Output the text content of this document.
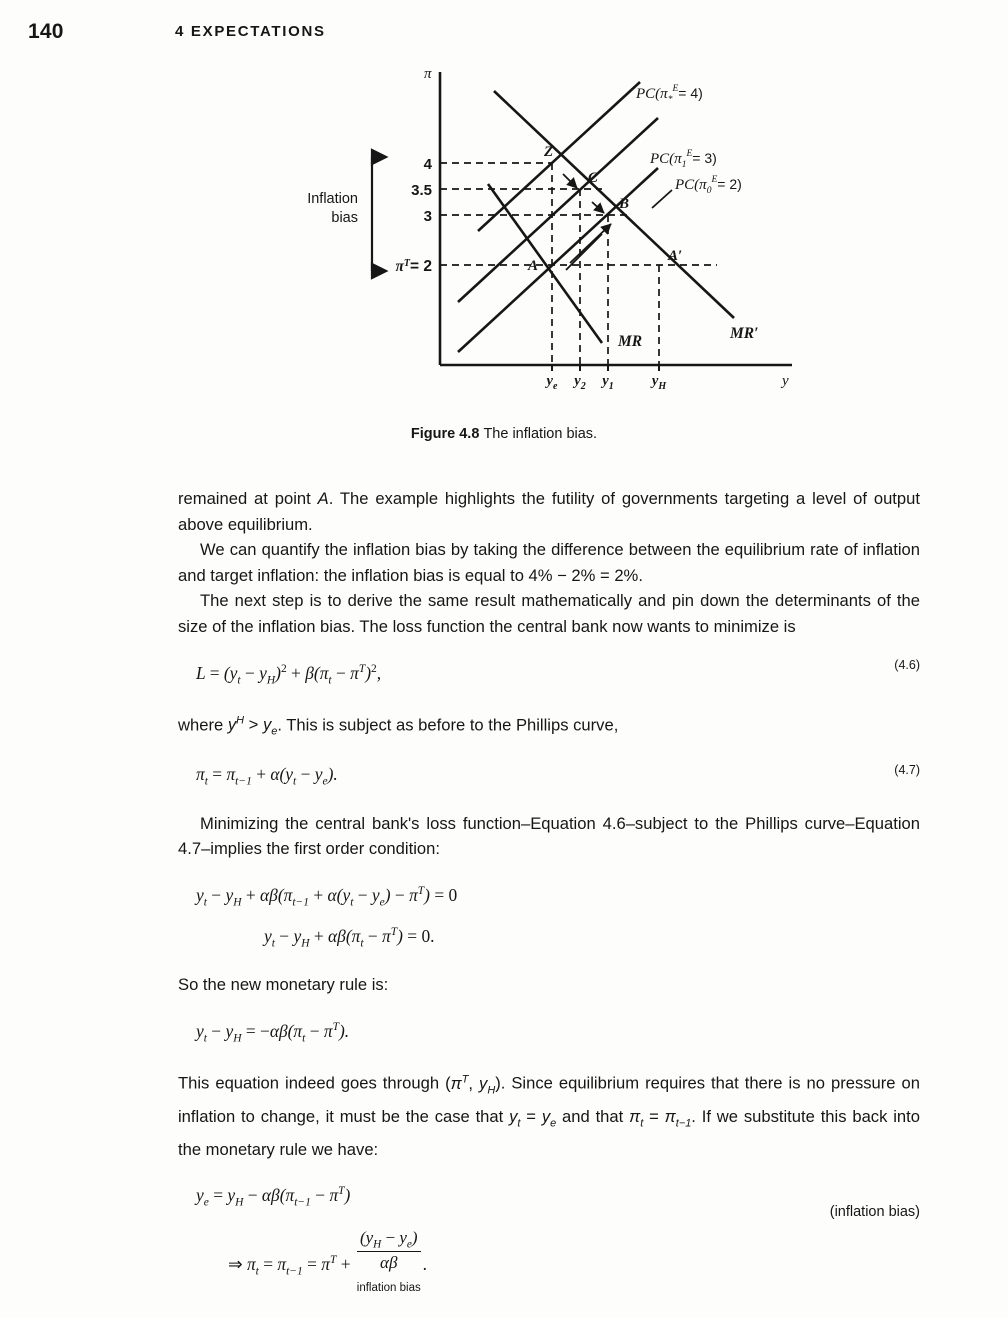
140	4 EXPECTATIONS
π
y
4
3.5
3
$\pi^T= 2$
Inflation
bias
$y_e$ $y_2$ $y_1$	$y_H$
Z
C
B
A
A′
MR	MR′
$PC(\pi_*^E= 4)$
$PC(\pi_1^E= 3)$
$PC(\pi_0^E= 2)$
Figure 4.8 The inflation bias.

remained at point A. The example highlights the futility of governments targeting a level of output above equilibrium.

We can quantify the inflation bias by taking the difference between the equilibrium rate of inflation and target inflation: the inflation bias is equal to 4% − 2% = 2%.

The next step is to derive the same result mathematically and pin down the determinants of the size of the inflation bias. The loss function the central bank now wants to minimize is

$L = (y_t - y_H)^2 + \beta(\pi_t - \pi^T)^2$,	(4.6)

where $y^H > y_e$. This is subject as before to the Phillips curve,

$\pi_t = \pi_{t-1} + \alpha(y_t - y_e)$.	(4.7)

Minimizing the central bank's loss function–Equation 4.6–subject to the Phillips curve–Equation 4.7–implies the first order condition:

$y_t - y_H + \alpha\beta(\pi_{t-1} + \alpha(y_t - y_e) - \pi^T) = 0$
$y_t - y_H + \alpha\beta(\pi_t - \pi^T) = 0$.

So the new monetary rule is:

$y_t - y_H = -\alpha\beta(\pi_t - \pi^T)$.

This equation indeed goes through ($\pi^T$, $y_H$). Since equilibrium requires that there is no pressure on inflation to change, it must be the case that $y_t = y_e$ and that $\pi_t = \pi_{t-1}$. If we substitute this back into the monetary rule we have:

$y_e = y_H - \alpha\beta(\pi_{t-1} - \pi^T)$
⇒ $\pi_t = \pi_{t-1} = \pi^T + \frac{(y_H - y_e)}{\alpha\beta}$
inflation bias
.
(inflation bias)
